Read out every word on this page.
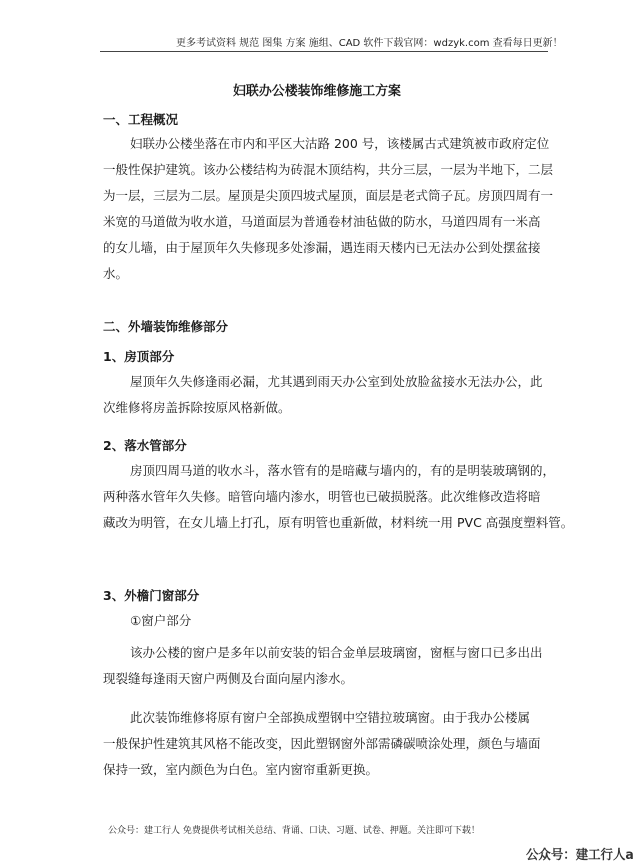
更多考试资料 规范 图集 方案 施组、CAD 软件下载官网：wdzyk.com 查看每日更新！
妇联办公楼装饰维修施工方案
一、工程概况
妇联办公楼坐落在市内和平区大沽路 200 号，该楼属古式建筑被市政府定位
一般性保护建筑。该办公楼结构为砖混木顶结构，共分三层，一层为半地下，二层
为一层，三层为二层。屋顶是尖顶四坡式屋顶，面层是老式筒子瓦。房顶四周有一
米宽的马道做为收水道，马道面层为普通卷材油毡做的防水，马道四周有一米高
的女儿墙，由于屋顶年久失修现多处渗漏，遇连雨天楼内已无法办公到处摆盆接
水。
二、外墙装饰维修部分
1、房顶部分
屋顶年久失修逢雨必漏，尤其遇到雨天办公室到处放脸盆接水无法办公，此
次维修将房盖拆除按原风格新做。
2、落水管部分
房顶四周马道的收水斗，落水管有的是暗藏与墙内的，有的是明装玻璃钢的，
两种落水管年久失修。暗管向墙内渗水，明管也已破损脱落。此次维修改造将暗
藏改为明管，在女儿墙上打孔，原有明管也重新做，材料统一用 PVC 高强度塑料管。
3、外檐门窗部分
①窗户部分
该办公楼的窗户是多年以前安装的铝合金单层玻璃窗，窗框与窗口已多出出
现裂缝每逢雨天窗户两侧及台面向屋内渗水。
此次装饰维修将原有窗户全部换成塑钢中空错拉玻璃窗。由于我办公楼属
一般保护性建筑其风格不能改变，因此塑钢窗外部需磷碳喷涂处理，颜色与墙面
保持一致，室内颜色为白色。室内窗帘重新更换。
公众号：建工行人 免费提供考试相关总结、背诵、口诀、习题、试卷、押题。关注即可下载！
公众号：建工行人a
